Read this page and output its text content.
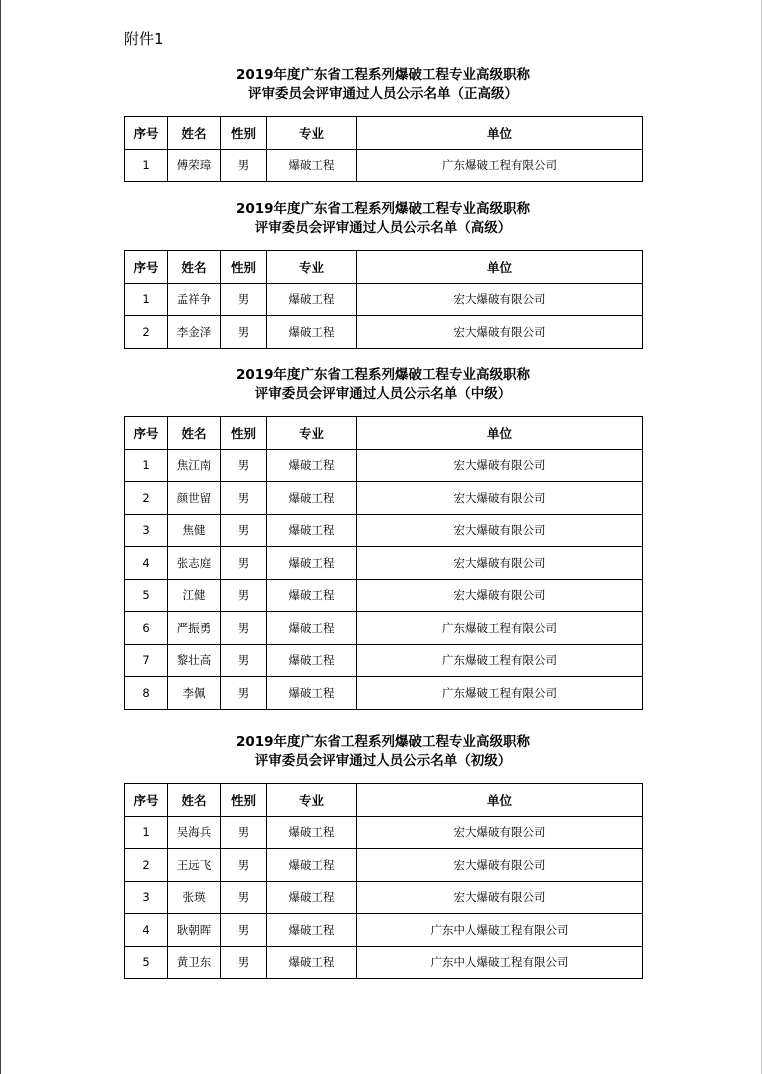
附件1
2019年度广东省工程系列爆破工程专业高级职称
评审委员会评审通过人员公示名单（正高级）
序号	姓名	性别	专业	单位
1	傅荣璋	男	爆破工程	广东爆破工程有限公司
2019年度广东省工程系列爆破工程专业高级职称
评审委员会评审通过人员公示名单（高级）
序号	姓名	性别	专业	单位
1	孟祥争	男	爆破工程	宏大爆破有限公司
2	李金泽	男	爆破工程	宏大爆破有限公司
2019年度广东省工程系列爆破工程专业高级职称
评审委员会评审通过人员公示名单（中级）
序号	姓名	性别	专业	单位
1	焦江南	男	爆破工程	宏大爆破有限公司
2	颜世留	男	爆破工程	宏大爆破有限公司
3	焦健	男	爆破工程	宏大爆破有限公司
4	张志庭	男	爆破工程	宏大爆破有限公司
5	江健	男	爆破工程	宏大爆破有限公司
6	严振勇	男	爆破工程	广东爆破工程有限公司
7	黎壮高	男	爆破工程	广东爆破工程有限公司
8	李佩	男	爆破工程	广东爆破工程有限公司
2019年度广东省工程系列爆破工程专业高级职称
评审委员会评审通过人员公示名单（初级）
序号	姓名	性别	专业	单位
1	吴海兵	男	爆破工程	宏大爆破有限公司
2	王远飞	男	爆破工程	宏大爆破有限公司
3	张瑛	男	爆破工程	宏大爆破有限公司
4	耿朝晖	男	爆破工程	广东中人爆破工程有限公司
5	黄卫东	男	爆破工程	广东中人爆破工程有限公司
